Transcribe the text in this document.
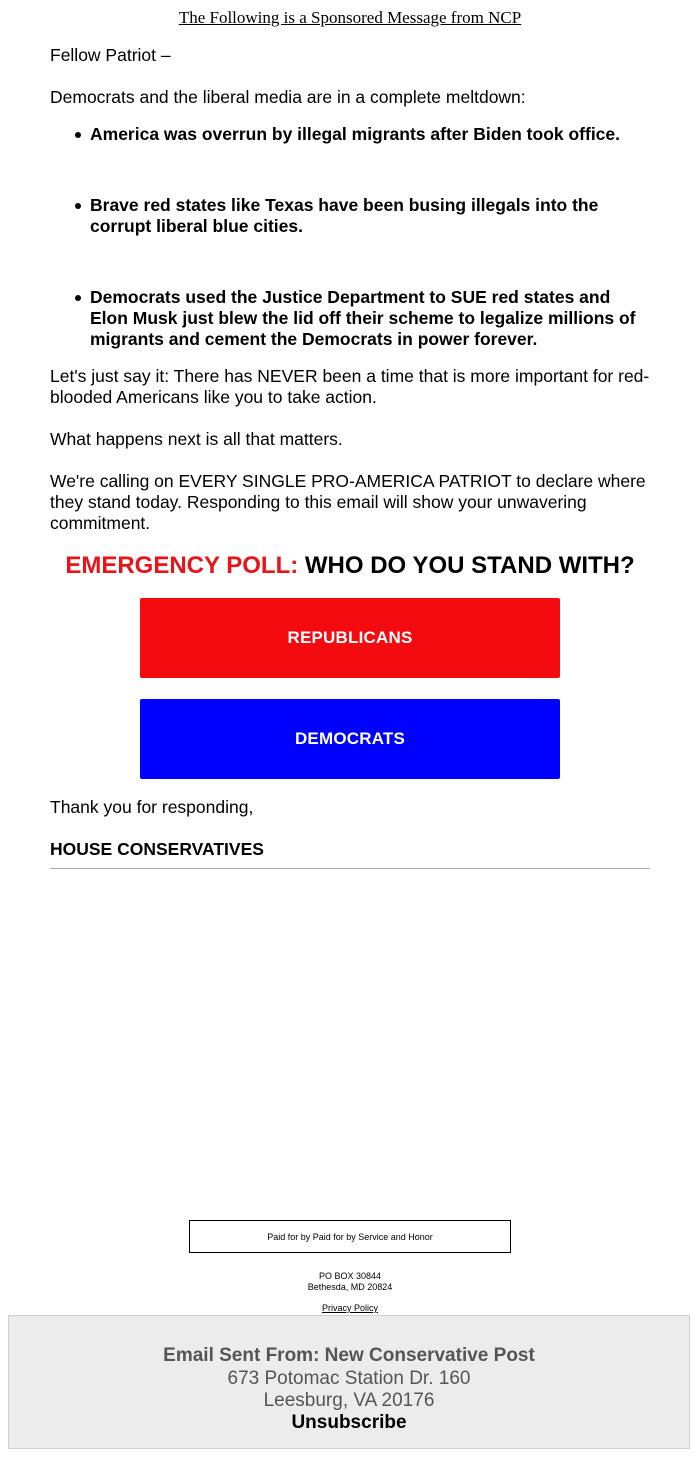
The Following is a Sponsored Message from NCP
Fellow Patriot –
Democrats and the liberal media are in a complete meltdown:
America was overrun by illegal migrants after Biden took office.
Brave red states like Texas have been busing illegals into the corrupt liberal blue cities.
Democrats used the Justice Department to SUE red states and Elon Musk just blew the lid off their scheme to legalize millions of migrants and cement the Democrats in power forever.
Let's just say it: There has NEVER been a time that is more important for red-blooded Americans like you to take action.
What happens next is all that matters.
We're calling on EVERY SINGLE PRO-AMERICA PATRIOT to declare where they stand today. Responding to this email will show your unwavering commitment.
EMERGENCY POLL: WHO DO YOU STAND WITH?
REPUBLICANS
DEMOCRATS
Thank you for responding,
HOUSE CONSERVATIVES
Paid for by Paid for by Service and Honor
PO BOX 30844
Bethesda, MD 20824
Privacy Policy
Email Sent From: New Conservative Post
673 Potomac Station Dr. 160
Leesburg, VA 20176
Unsubscribe
